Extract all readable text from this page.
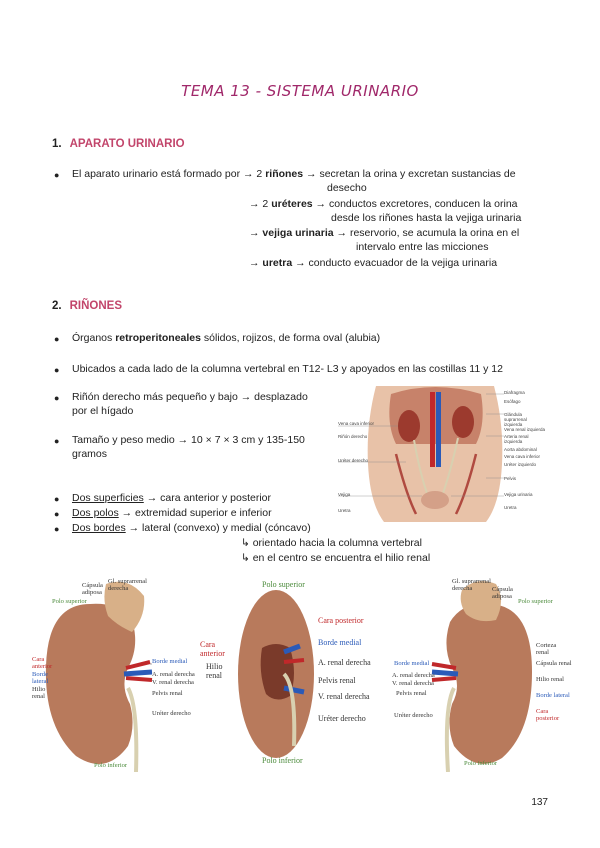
TEMA 13 - SISTEMA URINARIO
1. APARATO URINARIO
● El aparato urinario está formado por → 2 riñones → secretan la orina y excretan sustancias de
desecho
→ 2 uréteres → conductos excretores, conducen la orina
desde los riñones hasta la vejiga urinaria
→ vejiga urinaria → reservorio, se acumula la orina en el
intervalo entre las micciones
→ uretra → conducto evacuador de la vejiga urinaria
2. RIÑONES
● Órganos retroperitoneales sólidos, rojizos, de forma oval (alubia)
● Ubicados a cada lado de la columna vertebral en T12- L3 y apoyados en las costillas 11 y 12
● Riñón derecho más pequeño y bajo → desplazado
por el hígado
● Tamaño y peso medio → 10 × 7 × 3 cm y 135-150
gramos
● Dos superficies → cara anterior y posterior
● Dos polos → extremidad superior e inferior
● Dos bordes → lateral (convexo) y medial (cóncavo)
↳ orientado hacia la columna vertebral
↳ en el centro se encuentra el hilio renal
Diafragma
Esófago
Glándula suprarrenal izquierda
Vena renal izquierda
Arteria renal izquierda
Aorta abdominal
Vena cava inferior
Uréter izquierdo
Pelvis
Vejiga urinaria
Uretra
Vena cava inferior
Riñón derecho
Uréter derecho
Vejiga
Uretra
Gl. suprarrenal derecha
Cápsula adiposa
Polo superior
Cara anterior
Borde lateral
Hilio renal
Borde medial
A. renal derecha
V. renal derecha
Pelvis renal
Uréter derecho
Polo inferior
Polo superior
Cara posterior
Borde medial
Cara anterior
Hilio renal
A. renal derecha
Pelvis renal
V. renal derecha
Uréter derecho
Polo inferior
Gl. suprarrenal derecha	Cápsula adiposa
Polo superior
Corteza renal
Cápsula renal
Hilio renal
Borde lateral
Cara posterior
Borde medial
A. renal derecha
V. renal derecha
Pelvis renal
Uréter derecho
Polo inferior
137
